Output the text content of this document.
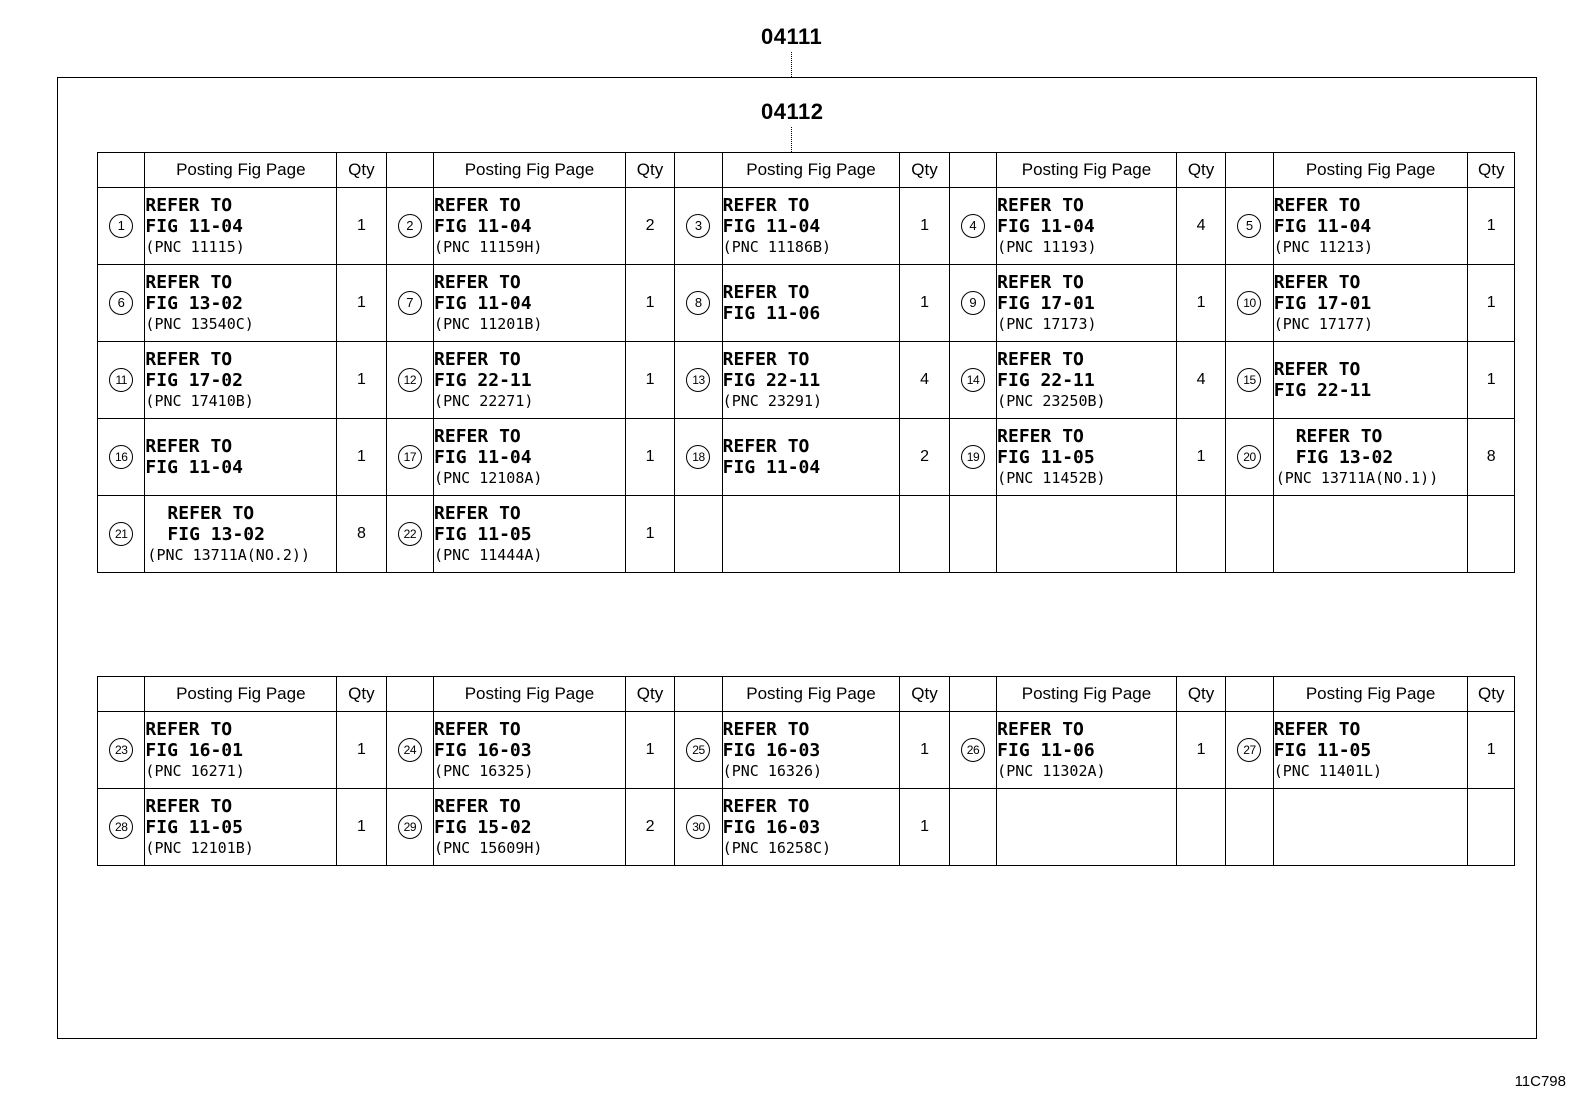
04111
04112
	Posting Fig Page	Qty		Posting Fig Page	Qty		Posting Fig Page	Qty		Posting Fig Page	Qty		Posting Fig Page	Qty
1	REFER TO
FIG 11-04
(PNC 11115)	1	2	REFER TO
FIG 11-04
(PNC 11159H)	2	3	REFER TO
FIG 11-04
(PNC 11186B)	1	4	REFER TO
FIG 11-04
(PNC 11193)	4	5	REFER TO
FIG 11-04
(PNC 11213)	1
6	REFER TO
FIG 13-02
(PNC 13540C)	1	7	REFER TO
FIG 11-04
(PNC 11201B)	1	8	REFER TO
FIG 11-06	1	9	REFER TO
FIG 17-01
(PNC 17173)	1	10	REFER TO
FIG 17-01
(PNC 17177)	1
11	REFER TO
FIG 17-02
(PNC 17410B)	1	12	REFER TO
FIG 22-11
(PNC 22271)	1	13	REFER TO
FIG 22-11
(PNC 23291)	4	14	REFER TO
FIG 22-11
(PNC 23250B)	4	15	REFER TO
FIG 22-11	1
16	REFER TO
FIG 11-04	1	17	REFER TO
FIG 11-04
(PNC 12108A)	1	18	REFER TO
FIG 11-04	2	19	REFER TO
FIG 11-05
(PNC 11452B)	1	20	REFER TO
FIG 13-02
(PNC 13711A(NO.1))	8
21	REFER TO
FIG 13-02
(PNC 13711A(NO.2))	8	22	REFER TO
FIG 11-05
(PNC 11444A)	1									
	Posting Fig Page	Qty		Posting Fig Page	Qty		Posting Fig Page	Qty		Posting Fig Page	Qty		Posting Fig Page	Qty
23	REFER TO
FIG 16-01
(PNC 16271)	1	24	REFER TO
FIG 16-03
(PNC 16325)	1	25	REFER TO
FIG 16-03
(PNC 16326)	1	26	REFER TO
FIG 11-06
(PNC 11302A)	1	27	REFER TO
FIG 11-05
(PNC 11401L)	1
28	REFER TO
FIG 11-05
(PNC 12101B)	1	29	REFER TO
FIG 15-02
(PNC 15609H)	2	30	REFER TO
FIG 16-03
(PNC 16258C)	1						
11C798
